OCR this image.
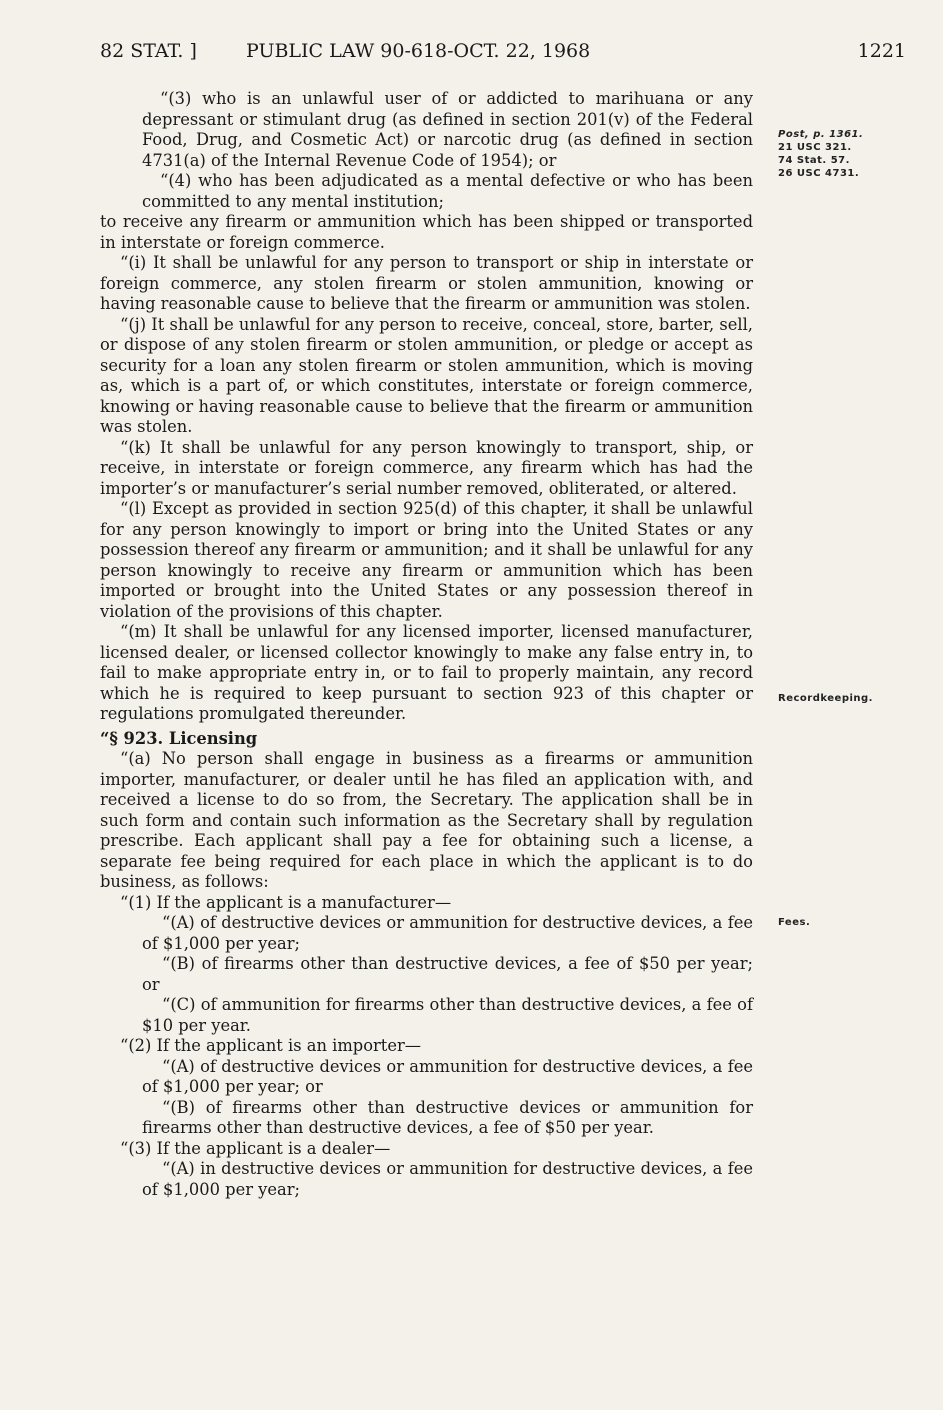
82 STAT. ]	PUBLIC LAW 90-618-OCT. 22, 1968	1221

“(3) who is an unlawful user of or addicted to marihuana or any depressant or stimulant drug (as defined in section 201(v) of the Federal Food, Drug, and Cosmetic Act) or narcotic drug (as defined in section 4731(a) of the Internal Revenue Code of 1954); or

“(4) who has been adjudicated as a mental defective or who has been committed to any mental institution;

to receive any firearm or ammunition which has been shipped or transported in interstate or foreign commerce.

“(i) It shall be unlawful for any person to transport or ship in interstate or foreign commerce, any stolen firearm or stolen ammunition, knowing or having reasonable cause to believe that the firearm or ammunition was stolen.

“(j) It shall be unlawful for any person to receive, conceal, store, barter, sell, or dispose of any stolen firearm or stolen ammunition, or pledge or accept as security for a loan any stolen firearm or stolen ammunition, which is moving as, which is a part of, or which constitutes, interstate or foreign commerce, knowing or having reasonable cause to believe that the firearm or ammunition was stolen.

“(k) It shall be unlawful for any person knowingly to transport, ship, or receive, in interstate or foreign commerce, any firearm which has had the importer’s or manufacturer’s serial number removed, obliterated, or altered.

“(l) Except as provided in section 925(d) of this chapter, it shall be unlawful for any person knowingly to import or bring into the United States or any possession thereof any firearm or ammunition; and it shall be unlawful for any person knowingly to receive any firearm or ammunition which has been imported or brought into the United States or any possession thereof in violation of the provisions of this chapter.

“(m) It shall be unlawful for any licensed importer, licensed manufacturer, licensed dealer, or licensed collector knowingly to make any false entry in, to fail to make appropriate entry in, or to fail to properly maintain, any record which he is required to keep pursuant to section 923 of this chapter or regulations promulgated thereunder.

“§ 923. Licensing

“(a) No person shall engage in business as a firearms or ammunition importer, manufacturer, or dealer until he has filed an application with, and received a license to do so from, the Secretary. The application shall be in such form and contain such information as the Secretary shall by regulation prescribe. Each applicant shall pay a fee for obtaining such a license, a separate fee being required for each place in which the applicant is to do business, as follows:

“(1) If the applicant is a manufacturer—

“(A) of destructive devices or ammunition for destructive devices, a fee of $1,000 per year;

“(B) of firearms other than destructive devices, a fee of $50 per year; or

“(C) of ammunition for firearms other than destructive devices, a fee of $10 per year.

“(2) If the applicant is an importer—

“(A) of destructive devices or ammunition for destructive devices, a fee of $1,000 per year; or

“(B) of firearms other than destructive devices or ammunition for firearms other than destructive devices, a fee of $50 per year.

“(3) If the applicant is a dealer—

“(A) in destructive devices or ammunition for destructive devices, a fee of $1,000 per year;

Post, p. 1361.
21 USC 321.
74 Stat. 57.
26 USC 4731.
Recordkeeping.
Fees.
